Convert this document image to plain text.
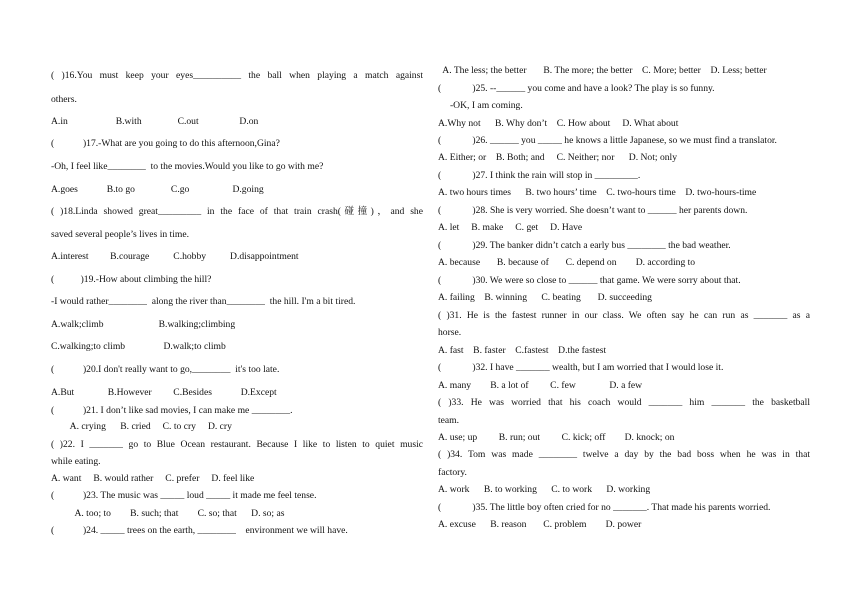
( )16.You must keep your eyes__________ the ball when playing a match against
others.
A.in                    B.with               C.out                 D.on
(            )17.-What are you going to do this afternoon,Gina?
-Oh, I feel like________  to the movies.Would you like to go with me?
A.goes            B.to go               C.go                  D.going
( )18.Linda showed great_________ in the face of that train crash(碰撞)，and she
saved several people’s lives in time.
A.interest         B.courage          C.hobby          D.disappointment
(           )19.-How about climbing the hill?
-I would rather________  along the river than________  the hill. I'm a bit tired.
A.walk;climb                       B.walking;climbing
C.walking;to climb                D.walk;to climb
(            )20.I don't really want to go,________  it's too late.
A.But              B.However         C.Besides            D.Except
(            )21. I don’t like sad movies, I can make me ________.
A. crying      B. cried     C. to cry     D. cry
( )22. I _______ go to Blue Ocean restaurant. Because I like to listen to quiet music
while eating.
A. want     B. would rather     C. prefer     D. feel like
(            )23. The music was _____ loud _____ it made me feel tense.
A. too; to        B. such; that        C. so; that      D. so; as
(            )24. _____ trees on the earth, ________    environment we will have.
A. The less; the better       B. The more; the better    C. More; better    D. Less; better
(             )25. --______ you come and have a look? The play is so funny.
-OK, I am coming.
A.Why not      B. Why don’t    C. How about     D. What about
(             )26. ______ you _____ he knows a little Japanese, so we must find a translator.
A. Either; or    B. Both; and     C. Neither; nor      D. Not; only
(             )27. I think the rain will stop in _________.
A. two hours times      B. two hours’ time    C. two-hours time    D. two-hours-time
(             )28. She is very worried. She doesn’t want to ______ her parents down.
A. let     B. make     C. get     D. Have
(             )29. The banker didn’t catch a early bus ________ the bad weather.
A. because       B. because of       C. depend on        D. according to
(             )30. We were so close to ______ that game. We were sorry about that.
A. failing    B. winning      C. beating       D. succeeding
( )31. He is the fastest runner in our class. We often say he can run as _______ as a
horse.
A. fast    B. faster    C.fastest    D.the fastest
(             )32. I have _______ wealth, but I am worried that I would lose it.
A. many        B. a lot of         C. few              D. a few
( )33. He was worried that his coach would _______ him _______ the basketball
team.
A. use; up         B. run; out         C. kick; off        D. knock; on
( )34. Tom was made ________ twelve a day by the bad boss when he was in that
factory.
A. work      B. to working      C. to work      D. working
(             )35. The little boy often cried for no _______. That made his parents worried.
A. excuse      B. reason       C. problem        D. power
